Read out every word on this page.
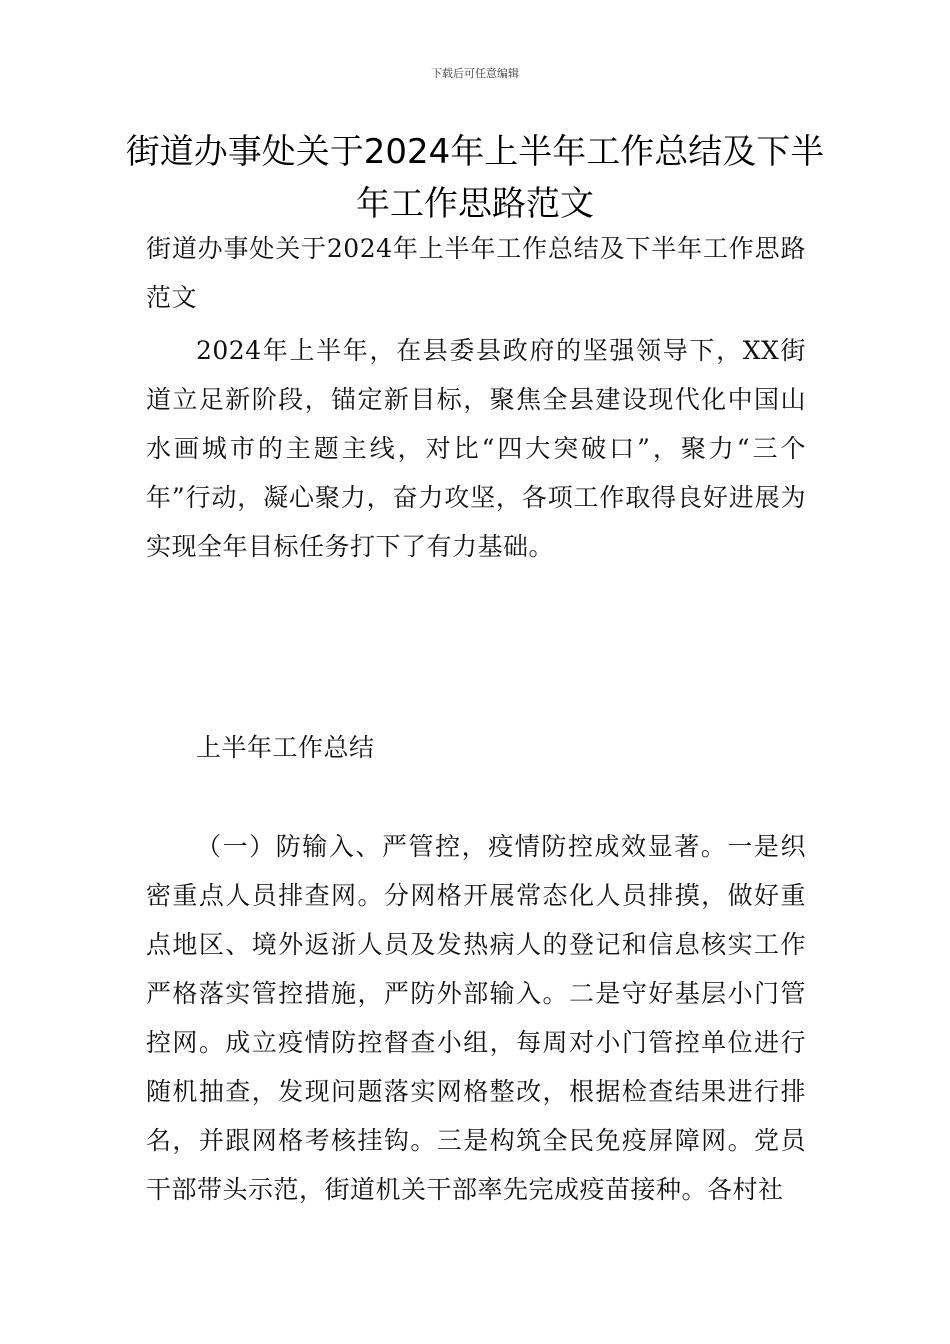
下载后可任意编辑
街道办事处关于2024年上半年工作总结及下半年工作思路范文

街道办事处关于2024年上半年工作总结及下半年工作思路范文

2024年上半年，在县委县政府的坚强领导下，XX街道立足新阶段，锚定新目标，聚焦全县建设现代化中国山水画城市的主题主线，对比“四大突破口”，聚力“三个年”行动，凝心聚力，奋力攻坚，各项工作取得良好进展为实现全年目标任务打下了有力基础。

上半年工作总结

（一）防输入、严管控，疫情防控成效显著。一是织密重点人员排查网。分网格开展常态化人员排摸，做好重点地区、境外返浙人员及发热病人的登记和信息核实工作严格落实管控措施，严防外部输入。二是守好基层小门管控网。成立疫情防控督查小组，每周对小门管控单位进行随机抽查，发现问题落实网格整改，根据检查结果进行排名，并跟网格考核挂钩。三是构筑全民免疫屏障网。党员干部带头示范，街道机关干部率先完成疫苗接种。各村社
